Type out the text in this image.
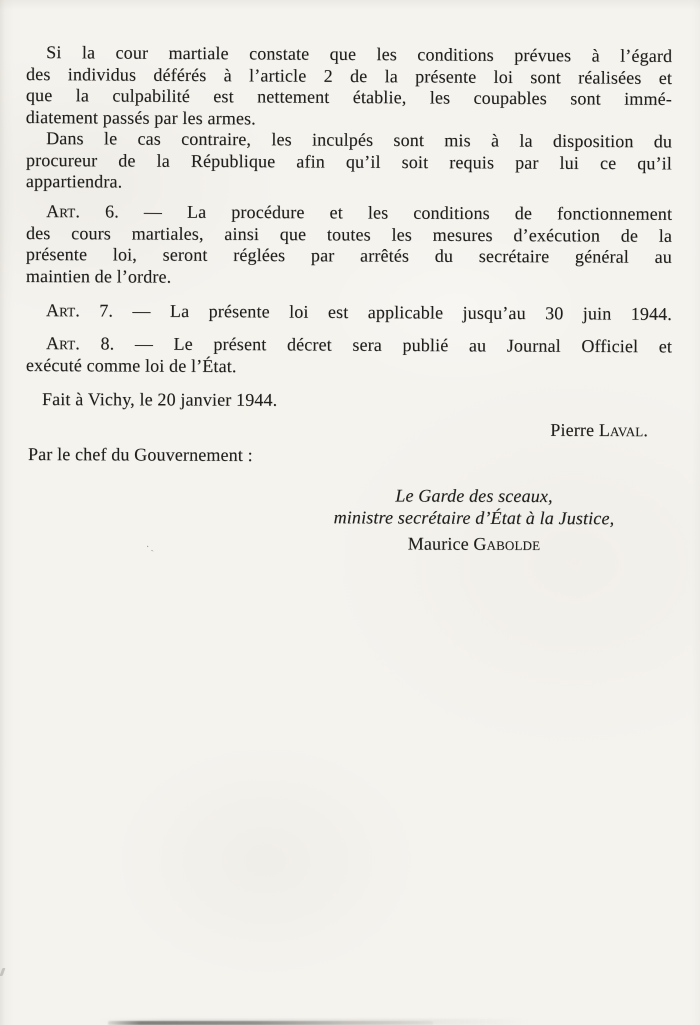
Si la cour martiale constate que les conditions prévues à l’égard
des individus déférés à l’article 2 de la présente loi sont réalisées et
que la culpabilité est nettement établie, les coupables sont immé-
diatement passés par les armes.
Dans le cas contraire, les inculpés sont mis à la disposition du
procureur de la République afin qu’il soit requis par lui ce qu’il
appartiendra.
Art. 6. — La procédure et les conditions de fonctionnement
des cours martiales, ainsi que toutes les mesures d’exécution de la
présente loi, seront réglées par arrêtés du secrétaire général au
maintien de l’ordre.
Art. 7. — La présente loi est applicable jusqu’au 30 juin 1944.
Art. 8. — Le présent décret sera publié au Journal Officiel et
exécuté comme loi de l’État.
Fait à Vichy, le 20 janvier 1944.
Pierre Laval.
Par le chef du Gouvernement :
Le Garde des sceaux,
ministre secrétaire d’État à la Justice,
Maurice Gabolde
·ˏ
